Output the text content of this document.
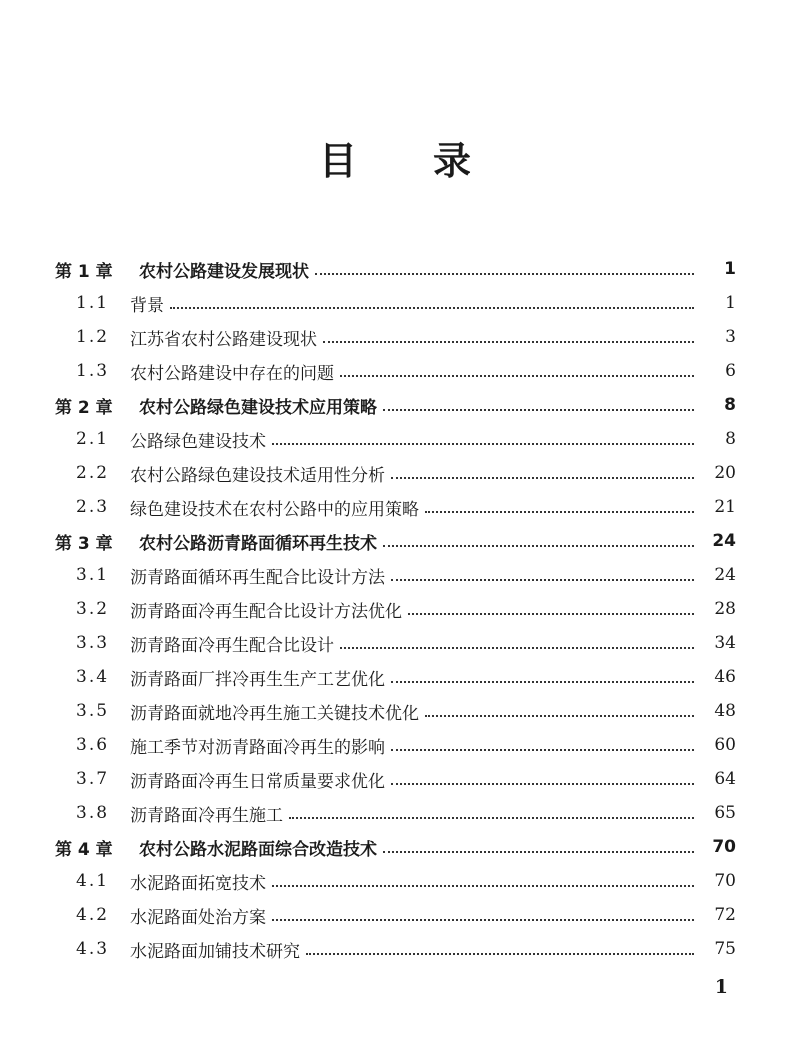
目 录
第 1 章	农村公路建设发展现状	1
1.1	背景	1
1.2	江苏省农村公路建设现状	3
1.3	农村公路建设中存在的问题	6
第 2 章	农村公路绿色建设技术应用策略	8
2.1	公路绿色建设技术	8
2.2	农村公路绿色建设技术适用性分析	20
2.3	绿色建设技术在农村公路中的应用策略	21
第 3 章	农村公路沥青路面循环再生技术	24
3.1	沥青路面循环再生配合比设计方法	24
3.2	沥青路面冷再生配合比设计方法优化	28
3.3	沥青路面冷再生配合比设计	34
3.4	沥青路面厂拌冷再生生产工艺优化	46
3.5	沥青路面就地冷再生施工关键技术优化	48
3.6	施工季节对沥青路面冷再生的影响	60
3.7	沥青路面冷再生日常质量要求优化	64
3.8	沥青路面冷再生施工	65
第 4 章	农村公路水泥路面综合改造技术	70
4.1	水泥路面拓宽技术	70
4.2	水泥路面处治方案	72
4.3	水泥路面加铺技术研究	75
1
